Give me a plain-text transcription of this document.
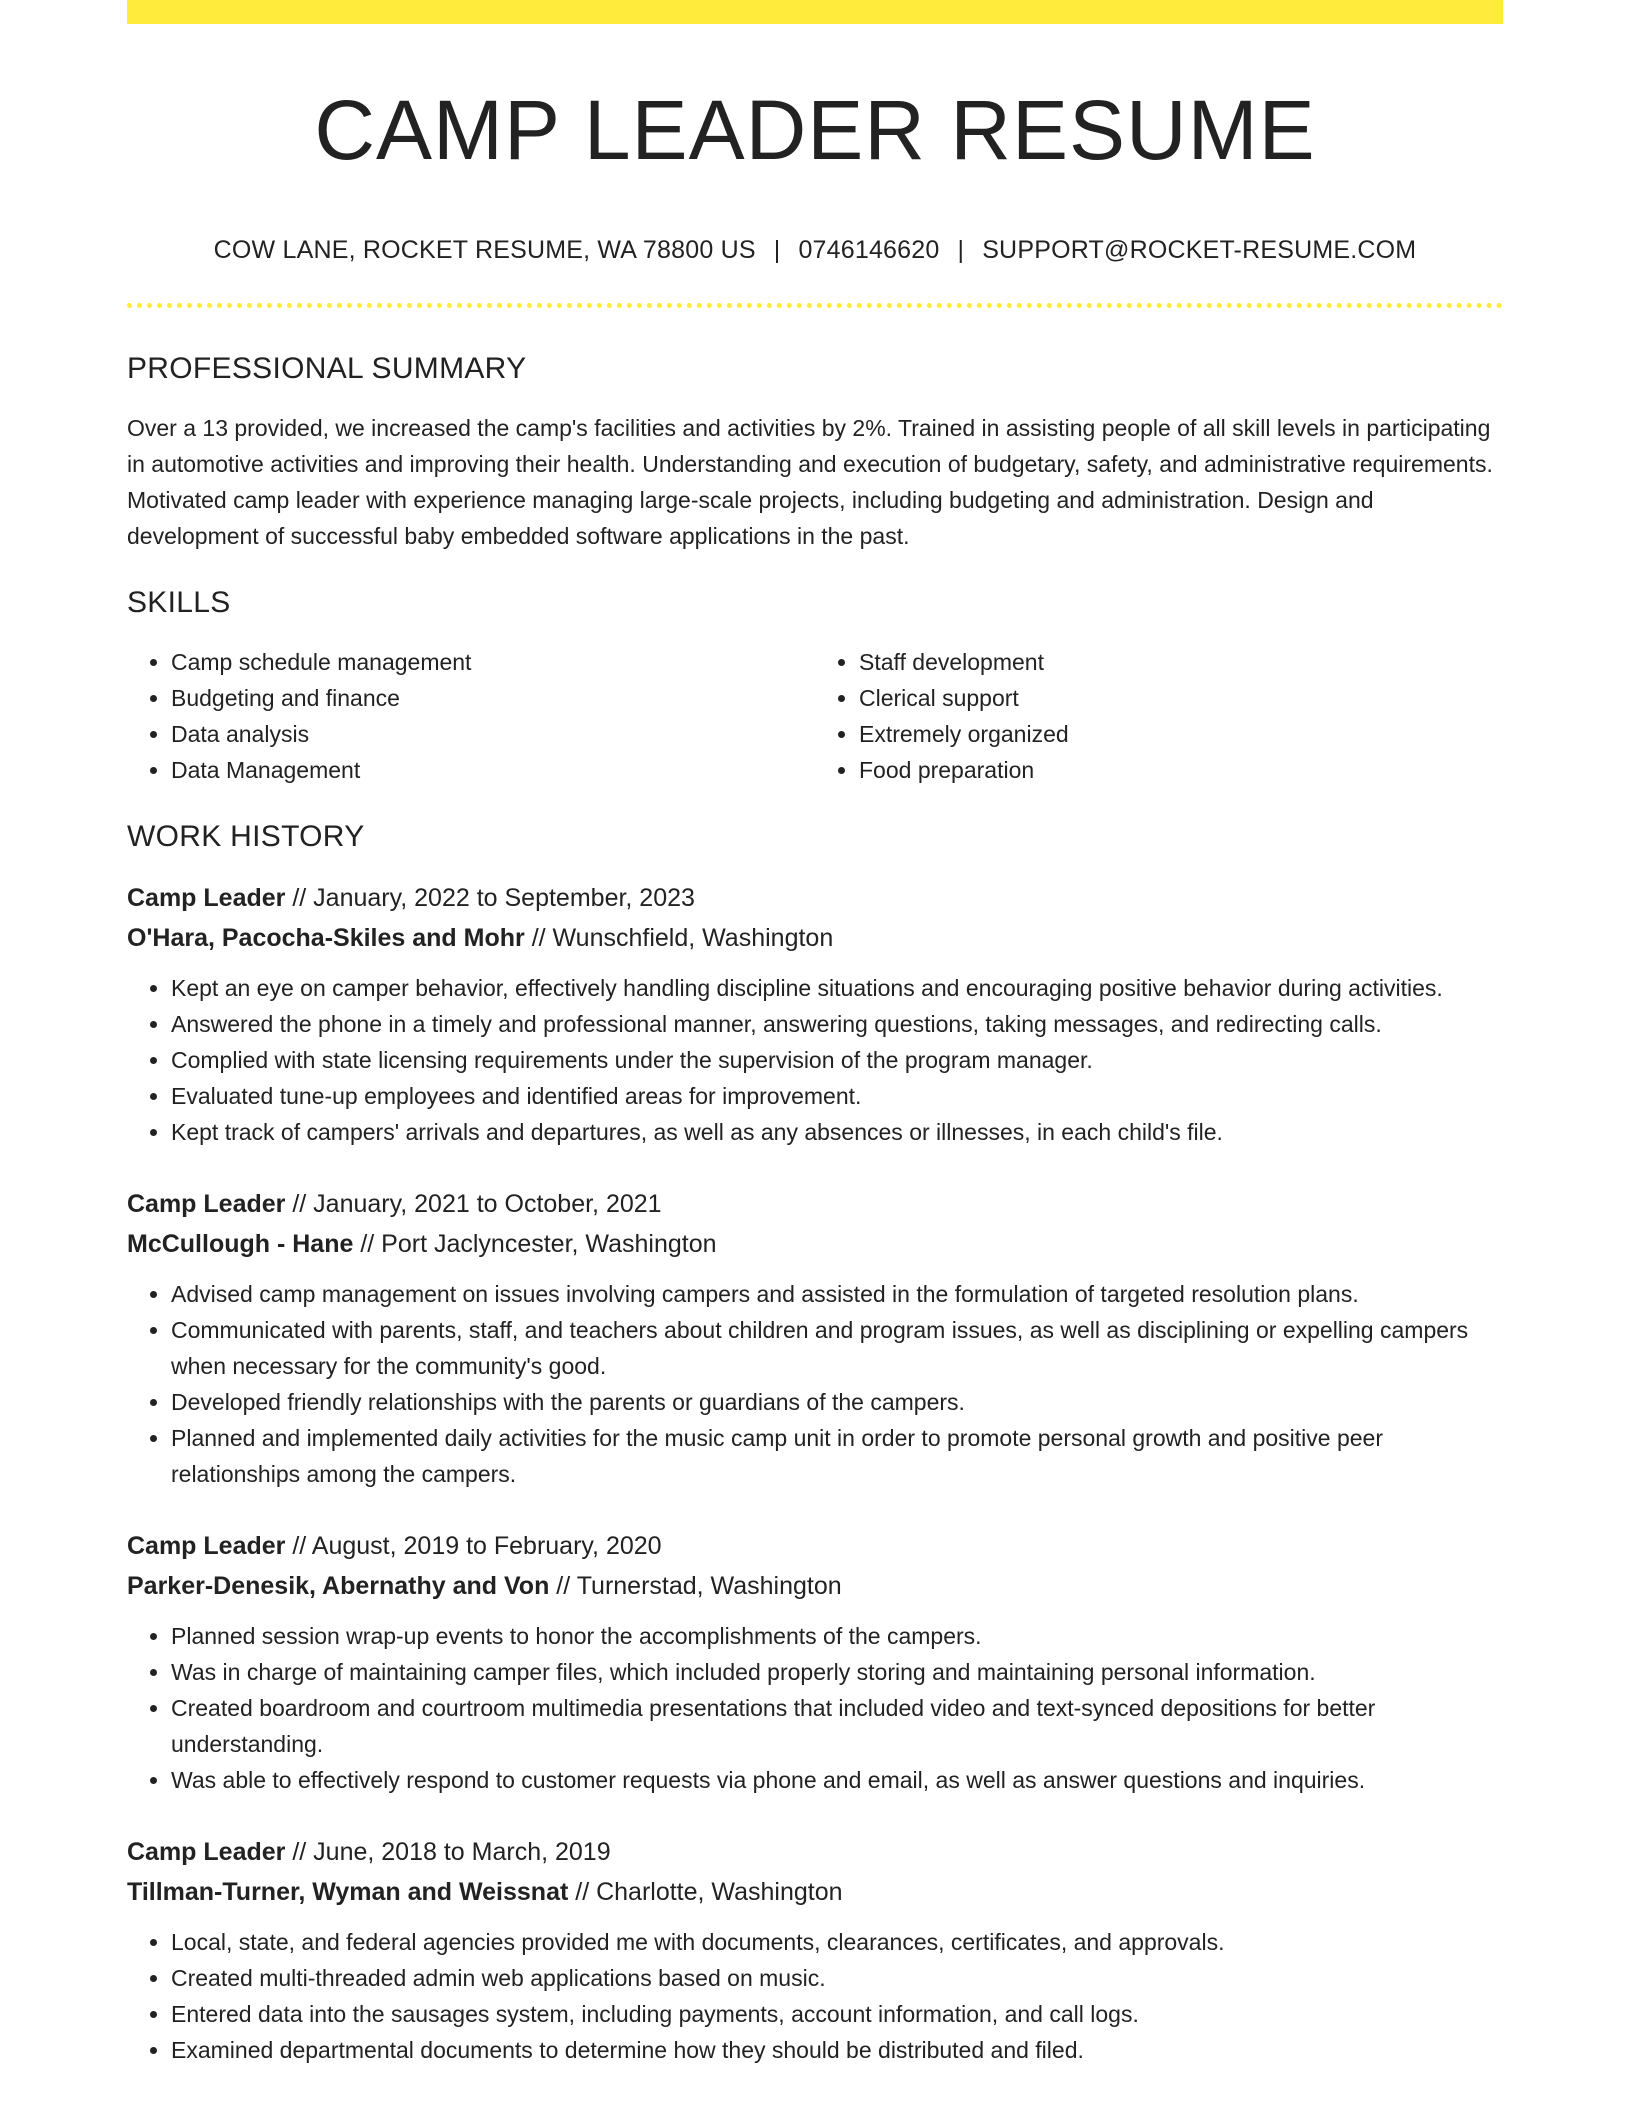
CAMP LEADER RESUME
COW LANE, ROCKET RESUME, WA 78800 US | 0746146620 | SUPPORT@ROCKET-RESUME.COM
PROFESSIONAL SUMMARY

Over a 13 provided, we increased the camp's facilities and activities by 2%. Trained in assisting people of all skill levels in participating in automotive activities and improving their health. Understanding and execution of budgetary, safety, and administrative requirements. Motivated camp leader with experience managing large-scale projects, including budgeting and administration. Design and development of successful baby embedded software applications in the past.

SKILLS
• Camp schedule management
• Budgeting and finance
• Data analysis
• Data Management
• Staff development
• Clerical support
• Extremely organized
• Food preparation
WORK HISTORY
Camp Leader // January, 2022 to September, 2023
O'Hara, Pacocha-Skiles and Mohr // Wunschfield, Washington
• Kept an eye on camper behavior, effectively handling discipline situations and encouraging positive behavior during activities.
• Answered the phone in a timely and professional manner, answering questions, taking messages, and redirecting calls.
• Complied with state licensing requirements under the supervision of the program manager.
• Evaluated tune-up employees and identified areas for improvement.
• Kept track of campers' arrivals and departures, as well as any absences or illnesses, in each child's file.
Camp Leader // January, 2021 to October, 2021
McCullough - Hane // Port Jaclyncester, Washington
• Advised camp management on issues involving campers and assisted in the formulation of targeted resolution plans.
• Communicated with parents, staff, and teachers about children and program issues, as well as disciplining or expelling campers when necessary for the community's good.
• Developed friendly relationships with the parents or guardians of the campers.
• Planned and implemented daily activities for the music camp unit in order to promote personal growth and positive peer relationships among the campers.
Camp Leader // August, 2019 to February, 2020
Parker-Denesik, Abernathy and Von // Turnerstad, Washington
• Planned session wrap-up events to honor the accomplishments of the campers.
• Was in charge of maintaining camper files, which included properly storing and maintaining personal information.
• Created boardroom and courtroom multimedia presentations that included video and text-synced depositions for better understanding.
• Was able to effectively respond to customer requests via phone and email, as well as answer questions and inquiries.
Camp Leader // June, 2018 to March, 2019
Tillman-Turner, Wyman and Weissnat // Charlotte, Washington
• Local, state, and federal agencies provided me with documents, clearances, certificates, and approvals.
• Created multi-threaded admin web applications based on music.
• Entered data into the sausages system, including payments, account information, and call logs.
• Examined departmental documents to determine how they should be distributed and filed.
